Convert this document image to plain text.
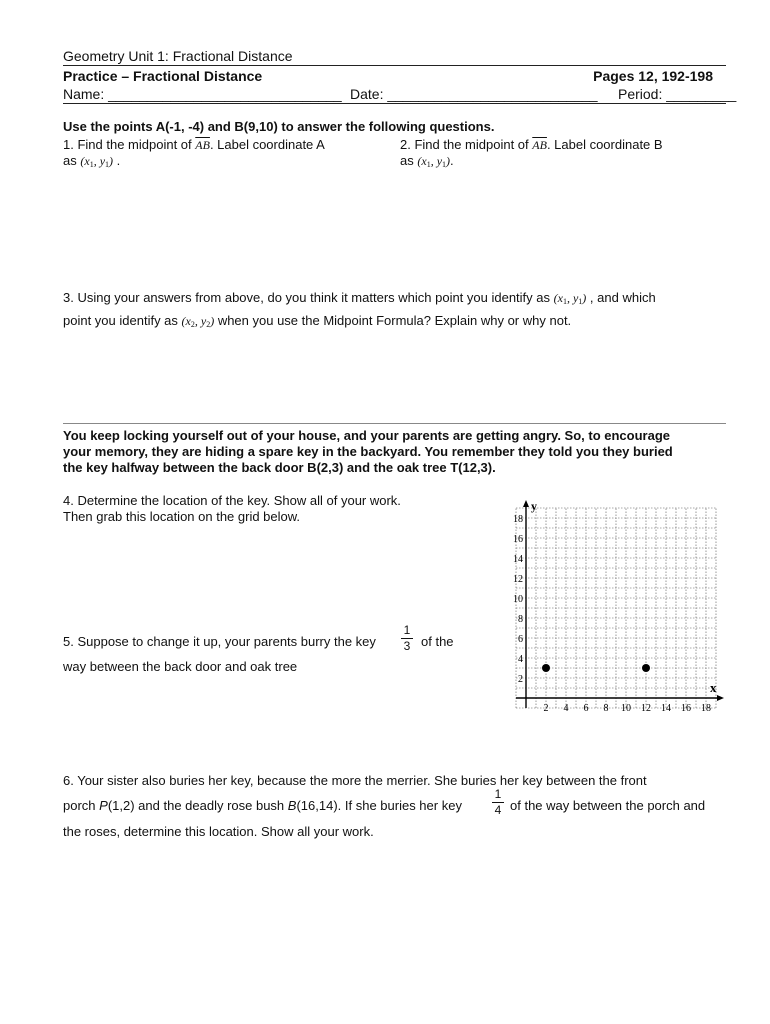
Geometry Unit 1: Fractional Distance
Practice – Fractional Distance	Pages 12, 192-198
Name: ______________________________ Date: ___________________________ Period: _________
Use the points A(-1, -4) and B(9,10) to answer the following questions.
1. Find the midpoint of $\overline{AB}$. Label coordinate A
as ($x_1$, $y_1$) .
2. Find the midpoint of $\overline{AB}$. Label coordinate B
as ($x_1$, $y_1$).
3. Using your answers from above, do you think it matters which point you identify as ($x_1$, $y_1$) , and which
point you identify as ($x_2$, $y_2$) when you use the Midpoint Formula? Explain why or why not.
You keep locking yourself out of your house, and your parents are getting angry. So, to encourage
your memory, they are hiding a spare key in the backyard. You remember they told you they buried
the key halfway between the back door B(2,3) and the oak tree T(12,3).
4. Determine the location of the key. Show all of your work.
Then grab this location on the grid below.
5. Suppose to change it up, your parents burry the key
1
3 of the
way between the back door and oak tree
x
y
2 4 6 8 10 12 14 16 18
2
4
6
8
10
12
14
16
18
6. Your sister also buries her key, because the more the merrier. She buries her key between the front
porch P(1,2) and the deadly rose bush B(16,14). If she buries her key
1
4 of the way between the porch and
the roses, determine this location. Show all your work.
